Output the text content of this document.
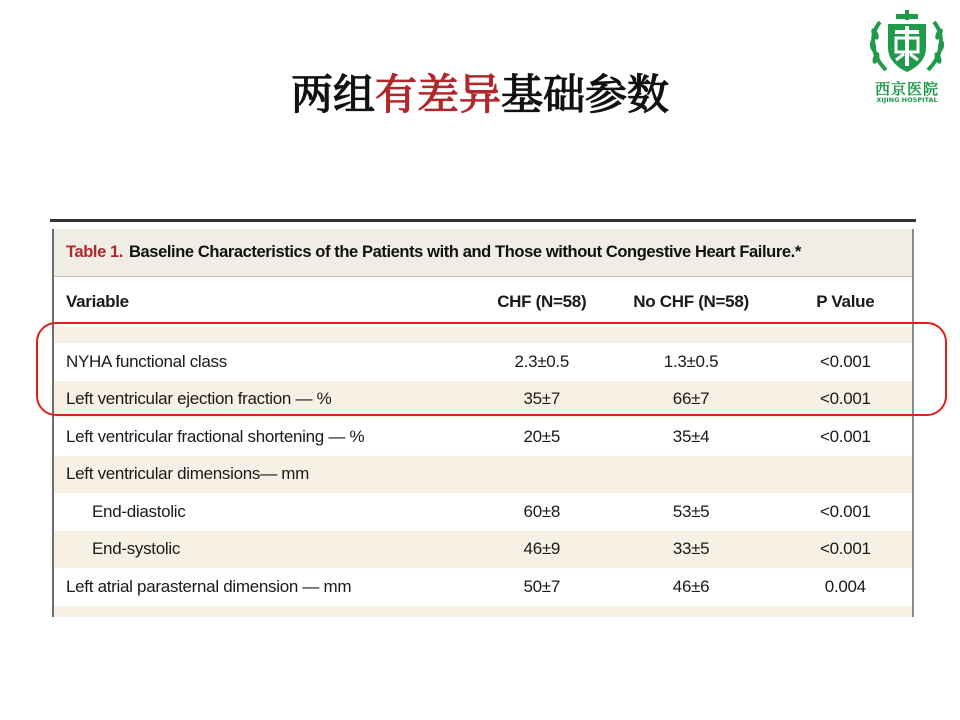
两组有差异基础参数	西京医院
XIJING HOSPITAL
Table 1. Baseline Characteristics of the Patients with and Those without Congestive Heart Failure.*
Variable	CHF (N=58)	No CHF (N=58)	P Value
NYHA functional class	2.3±0.5	1.3±0.5	<0.001
Left ventricular ejection fraction — %	35±7	66±7	<0.001
Left ventricular fractional shortening — %	20±5	35±4	<0.001
Left ventricular dimensions— mm
End-diastolic	60±8	53±5	<0.001
End-systolic	46±9	33±5	<0.001
Left atrial parasternal dimension — mm	50±7	46±6	0.004
